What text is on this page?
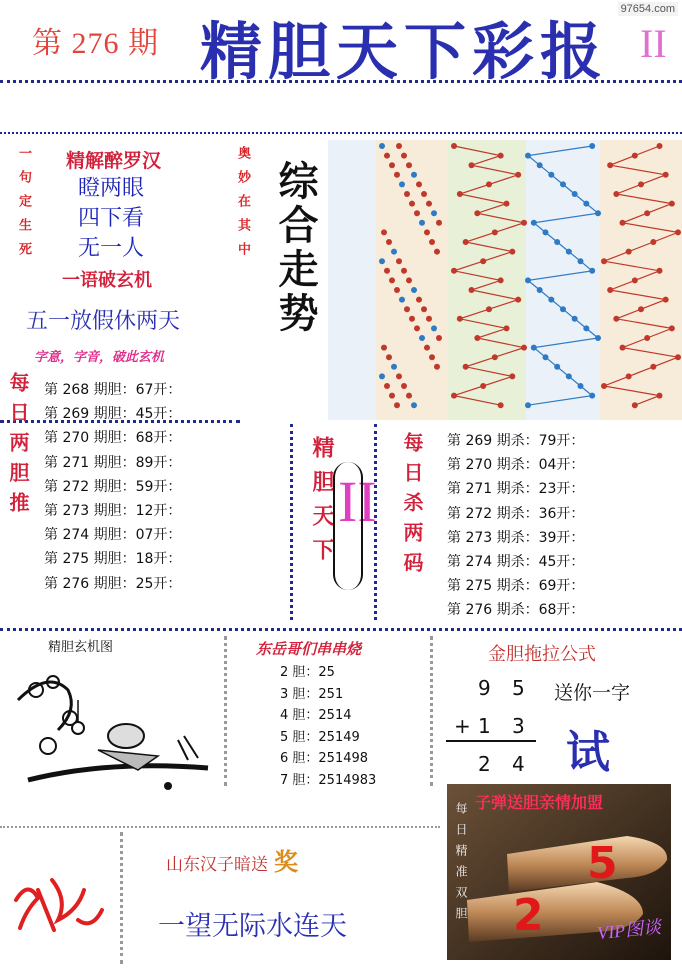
第 276 期 精胆天下彩报 II
97654.com
一句定生死	奥妙在其中
精解醉罗汉
瞪两眼
四下看
无一人
一语破玄机
五一放假休两天
字意，字音，破此玄机
综合走势
每日两胆推 第 268 期胆：67开：
第 269 期胆：45开：
第 270 期胆：68开：
第 271 期胆：89开：
第 272 期胆：59开：
第 273 期胆：12开：
第 274 期胆：07开：
第 275 期胆：18开：
第 276 期胆：25开：
精胆天下 II 每日杀两码 第 269 期杀：79开：
第 270 期杀：04开：
第 271 期杀：23开：
第 272 期杀：36开：
第 273 期杀：39开：
第 274 期杀：45开：
第 275 期杀：69开：
第 276 期杀：68开：
精胆玄机图	东岳哥们串串烧
2 胆：25
3 胆：251
4 胆：2514
5 胆：25149
6 胆：251498
7 胆：2514983
金胆拖拉公式
9 5
+ 1 3
2 4
送你一字
试
山东汉子暗送 奖
一望无际水连天
子弹送胆亲情加盟
每日精准双胆	5
2	VIP图谈
